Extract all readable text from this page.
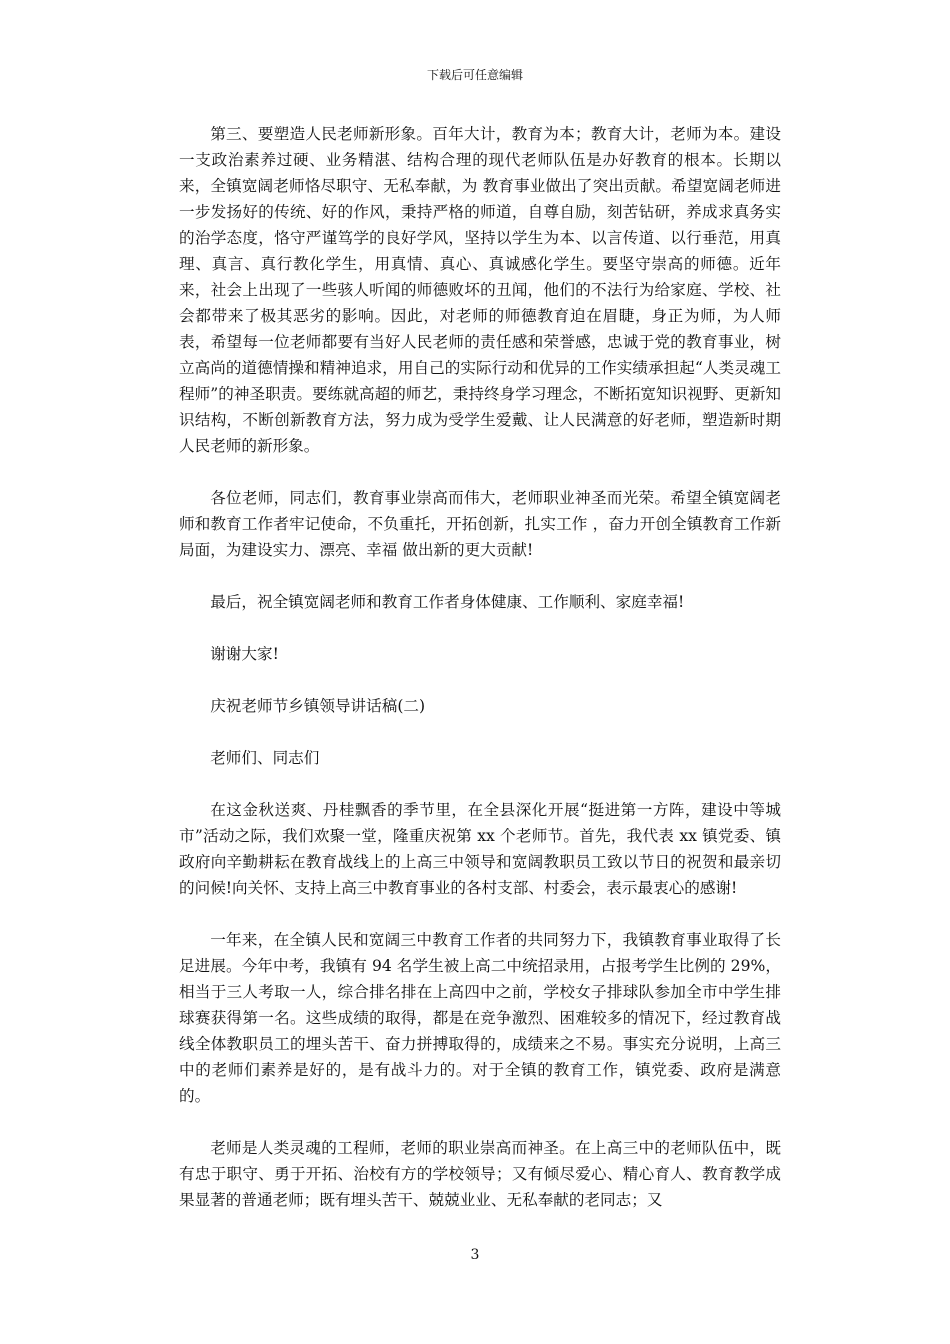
下载后可任意编辑

第三、要塑造人民老师新形象。百年大计，教育为本；教育大计，老师为本。建设一支政治素养过硬、业务精湛、结构合理的现代老师队伍是办好教育的根本。长期以来，全镇宽阔老师恪尽职守、无私奉献，为 教育事业做出了突出贡献。希望宽阔老师进一步发扬好的传统、好的作风，秉持严格的师道，自尊自励，刻苦钻研，养成求真务实的治学态度，恪守严谨笃学的良好学风，坚持以学生为本、以言传道、以行垂范，用真理、真言、真行教化学生，用真情、真心、真诚感化学生。要坚守崇高的师德。近年来，社会上出现了一些骇人听闻的师德败坏的丑闻，他们的不法行为给家庭、学校、社会都带来了极其恶劣的影响。因此，对老师的师德教育迫在眉睫，身正为师，为人师表，希望每一位老师都要有当好人民老师的责任感和荣誉感，忠诚于党的教育事业，树立高尚的道德情操和精神追求，用自己的实际行动和优异的工作实绩承担起“人类灵魂工程师”的神圣职责。要练就高超的师艺，秉持终身学习理念，不断拓宽知识视野、更新知识结构，不断创新教育方法，努力成为受学生爱戴、让人民满意的好老师，塑造新时期人民老师的新形象。

各位老师，同志们，教育事业崇高而伟大，老师职业神圣而光荣。希望全镇宽阔老师和教育工作者牢记使命，不负重托，开拓创新，扎实工作 ，奋力开创全镇教育工作新局面，为建设实力、漂亮、幸福 做出新的更大贡献!

最后，祝全镇宽阔老师和教育工作者身体健康、工作顺利、家庭幸福!

谢谢大家!

庆祝老师节乡镇领导讲话稿(二)

老师们、同志们

在这金秋送爽、丹桂飘香的季节里，在全县深化开展“挺进第一方阵，建设中等城市”活动之际，我们欢聚一堂，隆重庆祝第 xx 个老师节。首先，我代表 xx 镇党委、镇政府向辛勤耕耘在教育战线上的上高三中领导和宽阔教职员工致以节日的祝贺和最亲切的问候!向关怀、支持上高三中教育事业的各村支部、村委会，表示最衷心的感谢!

一年来，在全镇人民和宽阔三中教育工作者的共同努力下，我镇教育事业取得了长足进展。今年中考，我镇有 94 名学生被上高二中统招录用，占报考学生比例的 29%，相当于三人考取一人，综合排名排在上高四中之前，学校女子排球队参加全市中学生排球赛获得第一名。这些成绩的取得，都是在竞争激烈、困难较多的情况下，经过教育战线全体教职员工的埋头苦干、奋力拼搏取得的，成绩来之不易。事实充分说明，上高三中的老师们素养是好的，是有战斗力的。对于全镇的教育工作，镇党委、政府是满意的。

老师是人类灵魂的工程师，老师的职业崇高而神圣。在上高三中的老师队伍中，既有忠于职守、勇于开拓、治校有方的学校领导；又有倾尽爱心、精心育人、教育教学成果显著的普通老师；既有埋头苦干、兢兢业业、无私奉献的老同志；又

3
